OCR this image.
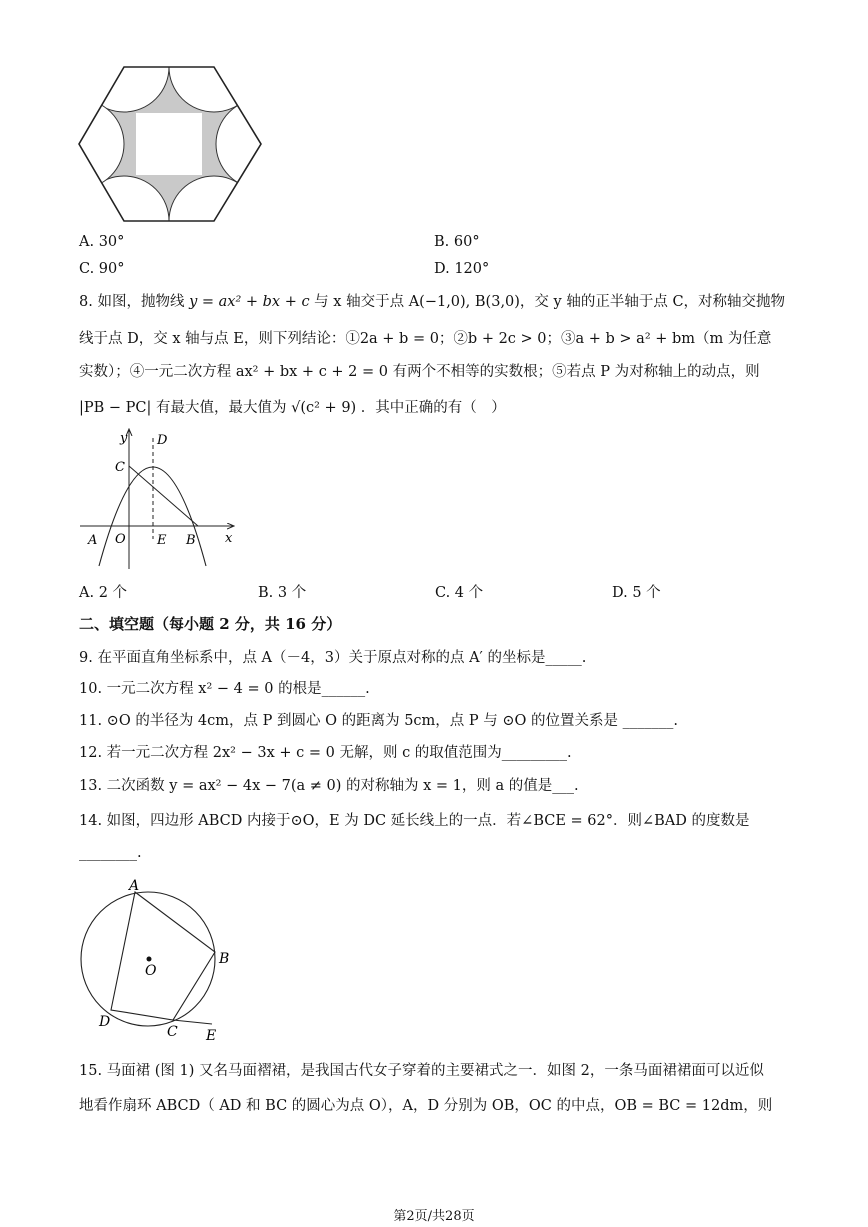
A. 30°	B. 60°
C. 90°	D. 120°
8. 如图，抛物线 y = ax² + bx + c 与 x 轴交于点 A(−1,0), B(3,0)，交 y 轴的正半轴于点 C，对称轴交抛物
线于点 D，交 x 轴与点 E，则下列结论：①2a + b = 0；②b + 2c > 0；③a + b > a² + bm（m 为任意
实数）；④一元二次方程 ax² + bx + c + 2 = 0 有两个不相等的实数根；⑤若点 P 为对称轴上的动点，则
|PB − PC| 有最大值，最大值为 √(c² + 9) ．其中正确的有（　）
y D
C
A O E B x
A. 2 个	B. 3 个	C. 4 个	D. 5 个
二、填空题（每小题 2 分，共 16 分）
9. 在平面直角坐标系中，点 A（－4，3）关于原点对称的点 A′ 的坐标是_____.
10. 一元二次方程 x² − 4 = 0 的根是______.
11. ⊙O 的半径为 4cm，点 P 到圆心 O 的距离为 5cm，点 P 与 ⊙O 的位置关系是 _______.
12. 若一元二次方程 2x² − 3x + c = 0 无解，则 c 的取值范围为_________.
13. 二次函数 y = ax² − 4x − 7(a ≠ 0) 的对称轴为 x = 1，则 a 的值是___.
14. 如图，四边形 ABCD 内接于⊙O，E 为 DC 延长线上的一点．若∠BCE = 62°．则∠BAD 的度数是
________.
A
B
C
D
E
O
15. 马面裙 (图 1) 又名马面褶裙，是我国古代女子穿着的主要裙式之一．如图 2，一条马面裙裙面可以近似
地看作扇环 ABCD（ AD 和 BC 的圆心为点 O），A，D 分别为 OB，OC 的中点，OB = BC = 12dm，则
第2页/共28页
